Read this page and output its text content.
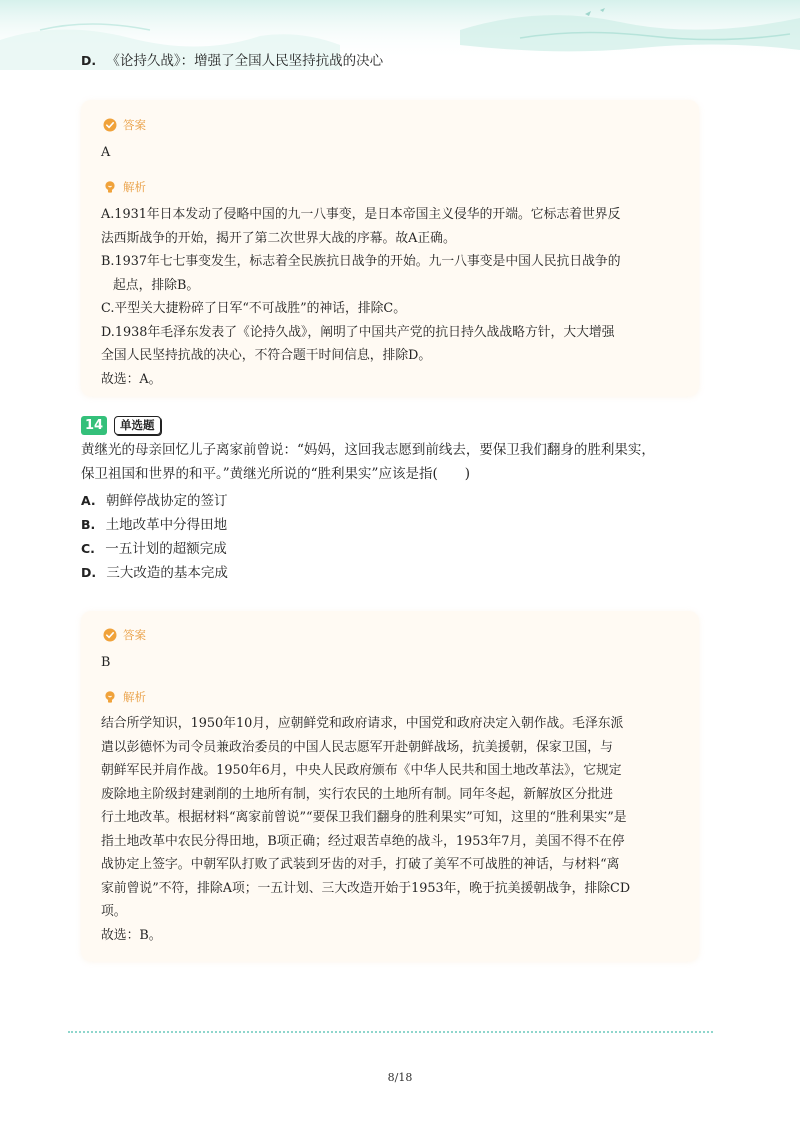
D. 《论持久战》：增强了全国人民坚持抗战的决心
答案
A
解析
A.1931年日本发动了侵略中国的九一八事变，是日本帝国主义侵华的开端。它标志着世界反
法西斯战争的开始，揭开了第二次世界大战的序幕。故A正确。
B.1937年七七事变发生，标志着全民族抗日战争的开始。九一八事变是中国人民抗日战争的
起点，排除B。
C.平型关大捷粉碎了日军“不可战胜”的神话，排除C。
D.1938年毛泽东发表了《论持久战》，阐明了中国共产党的抗日持久战战略方针，大大增强
全国人民坚持抗战的决心，不符合题干时间信息，排除D。
故选：A。
14	单选题
黄继光的母亲回忆儿子离家前曾说：“妈妈，这回我志愿到前线去，要保卫我们翻身的胜利果实，
保卫祖国和世界的和平。”黄继光所说的“胜利果实”应该是指(　　)
A. 朝鲜停战协定的签订
B. 土地改革中分得田地
C. 一五计划的超额完成
D. 三大改造的基本完成
答案
B
解析
结合所学知识，1950年10月，应朝鲜党和政府请求，中国党和政府决定入朝作战。毛泽东派
遣以彭德怀为司令员兼政治委员的中国人民志愿军开赴朝鲜战场，抗美援朝，保家卫国，与
朝鲜军民并肩作战。1950年6月，中央人民政府颁布《中华人民共和国土地改革法》，它规定
废除地主阶级封建剥削的土地所有制，实行农民的土地所有制。同年冬起，新解放区分批进
行土地改革。根据材料“离家前曾说”“要保卫我们翻身的胜利果实”可知，这里的“胜利果实”是
指土地改革中农民分得田地，B项正确；经过艰苦卓绝的战斗，1953年7月，美国不得不在停
战协定上签字。中朝军队打败了武装到牙齿的对手，打破了美军不可战胜的神话，与材料“离
家前曾说”不符，排除A项；一五计划、三大改造开始于1953年，晚于抗美援朝战争，排除CD
项。
故选：B。
8/18
